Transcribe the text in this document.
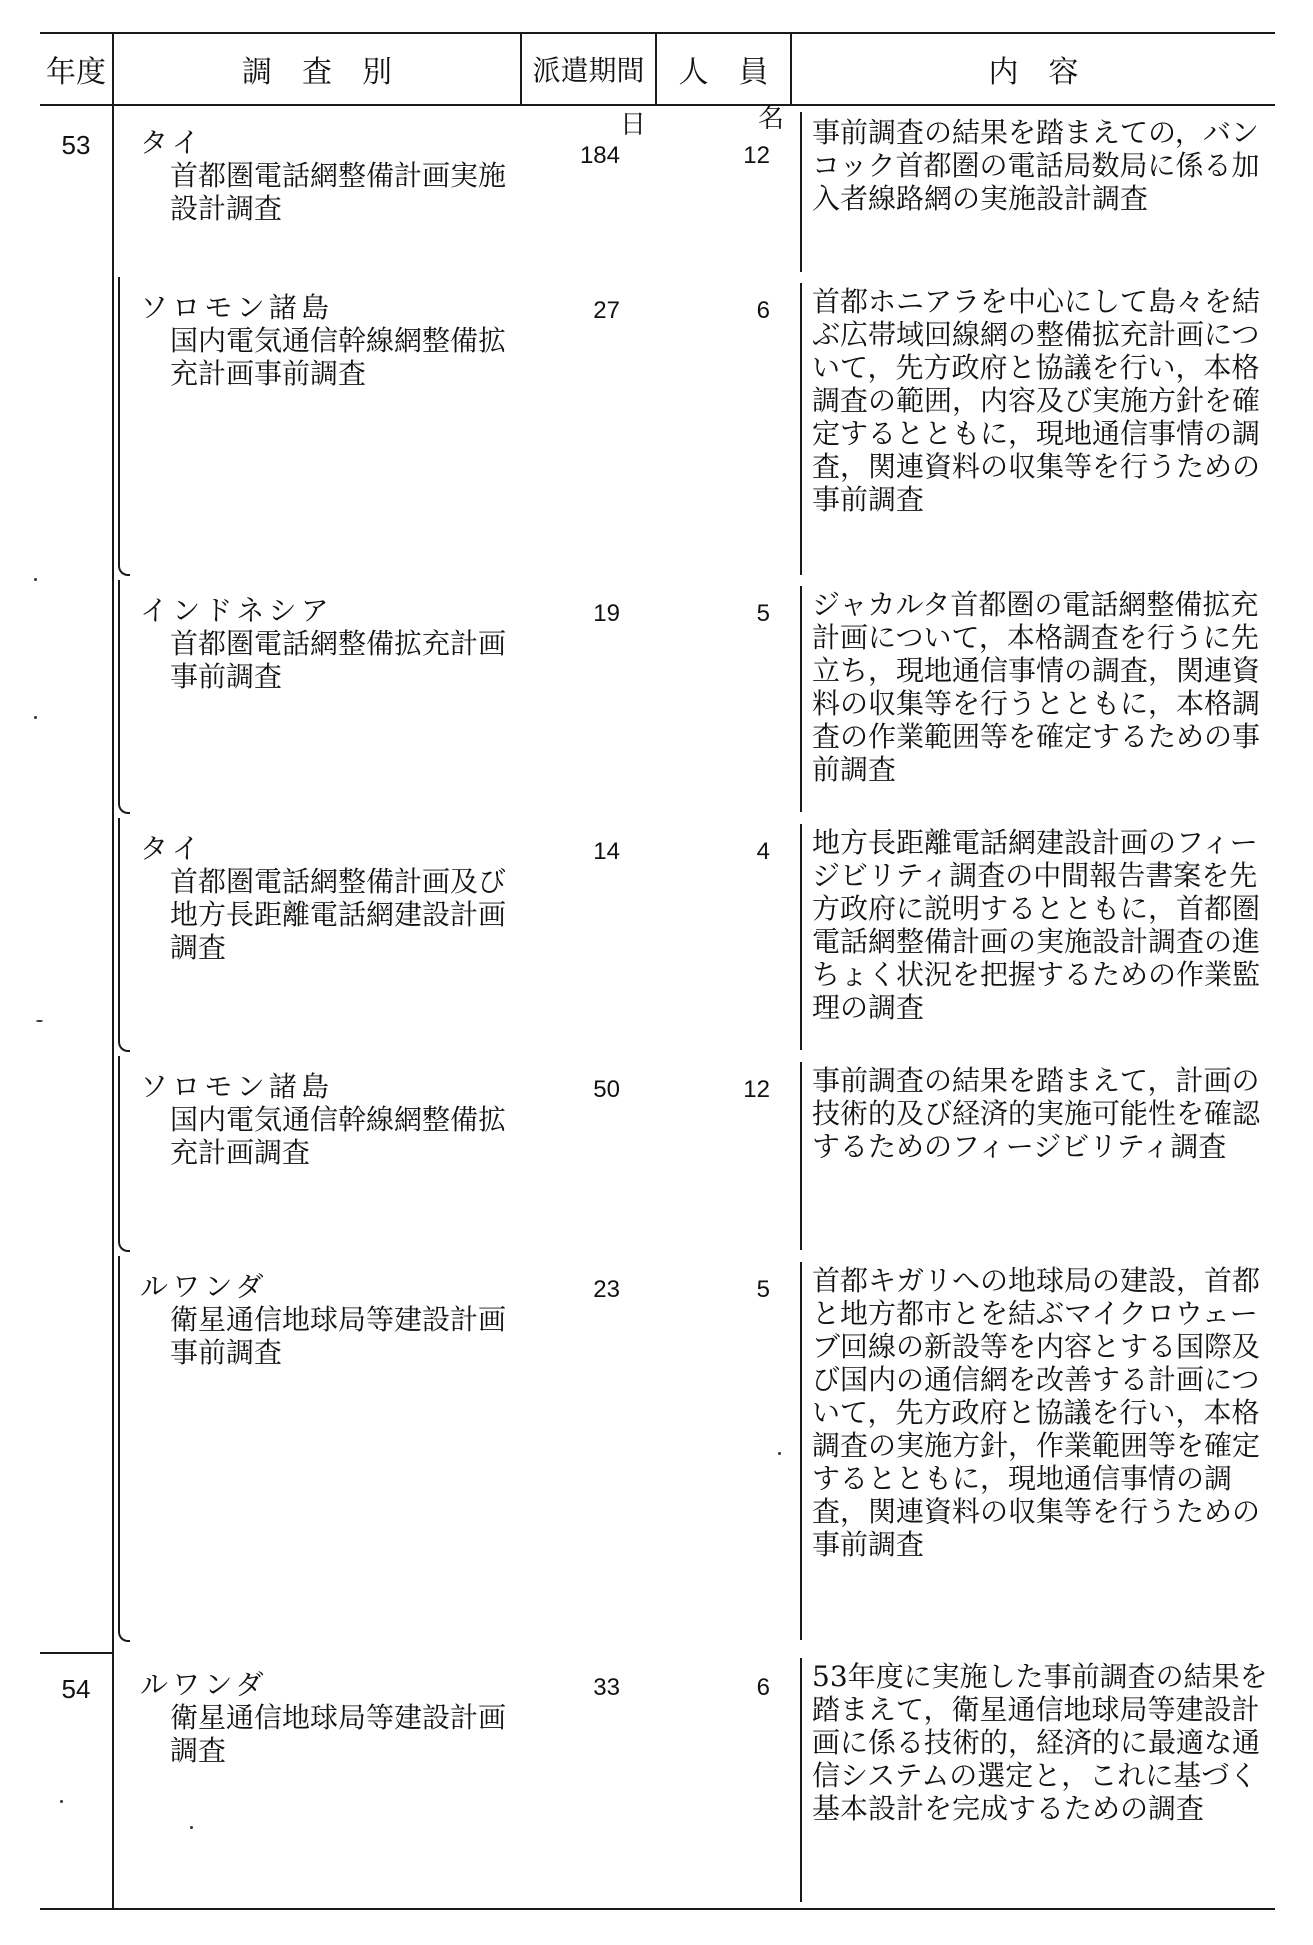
年度	調　査　別	派遣期間	人　員	内　容
日	名
53	タイ
首都圏電話網整備計画実施設計調査
184	12
事前調査の結果を踏まえての，バンコック首都圏の電話局数局に係る加入者線路網の実施設計調査
ソロモン諸島
国内電気通信幹線網整備拡充計画事前調査
27	6 首都ホニアラを中心にして島々を結ぶ広帯域回線網の整備拡充計画について，先方政府と協議を行い，本格調査の範囲，内容及び実施方針を確定するとともに，現地通信事情の調査，関連資料の収集等を行うための事前調査
インドネシア
首都圏電話網整備拡充計画事前調査
19	5 ジャカルタ首都圏の電話網整備拡充計画について，本格調査を行うに先立ち，現地通信事情の調査，関連資料の収集等を行うとともに，本格調査の作業範囲等を確定するための事前調査
タイ
首都圏電話網整備計画及び地方長距離電話網建設計画調査
14	4 地方長距離電話網建設計画のフィージビリティ調査の中間報告書案を先方政府に説明するとともに，首都圏電話網整備計画の実施設計調査の進ちょく状況を把握するための作業監理の調査
ソロモン諸島
国内電気通信幹線網整備拡充計画調査
50	12 事前調査の結果を踏まえて，計画の技術的及び経済的実施可能性を確認するためのフィージビリティ調査
ルワンダ
衛星通信地球局等建設計画事前調査
23	5 首都キガリへの地球局の建設，首都と地方都市とを結ぶマイクロウェーブ回線の新設等を内容とする国際及び国内の通信網を改善する計画について，先方政府と協議を行い，本格調査の実施方針，作業範囲等を確定するとともに，現地通信事情の調査，関連資料の収集等を行うための事前調査
54	ルワンダ
衛星通信地球局等建設計画調査
33	6 53年度に実施した事前調査の結果を踏まえて，衛星通信地球局等建設計画に係る技術的，経済的に最適な通信システムの選定と，これに基づく基本設計を完成するための調査
